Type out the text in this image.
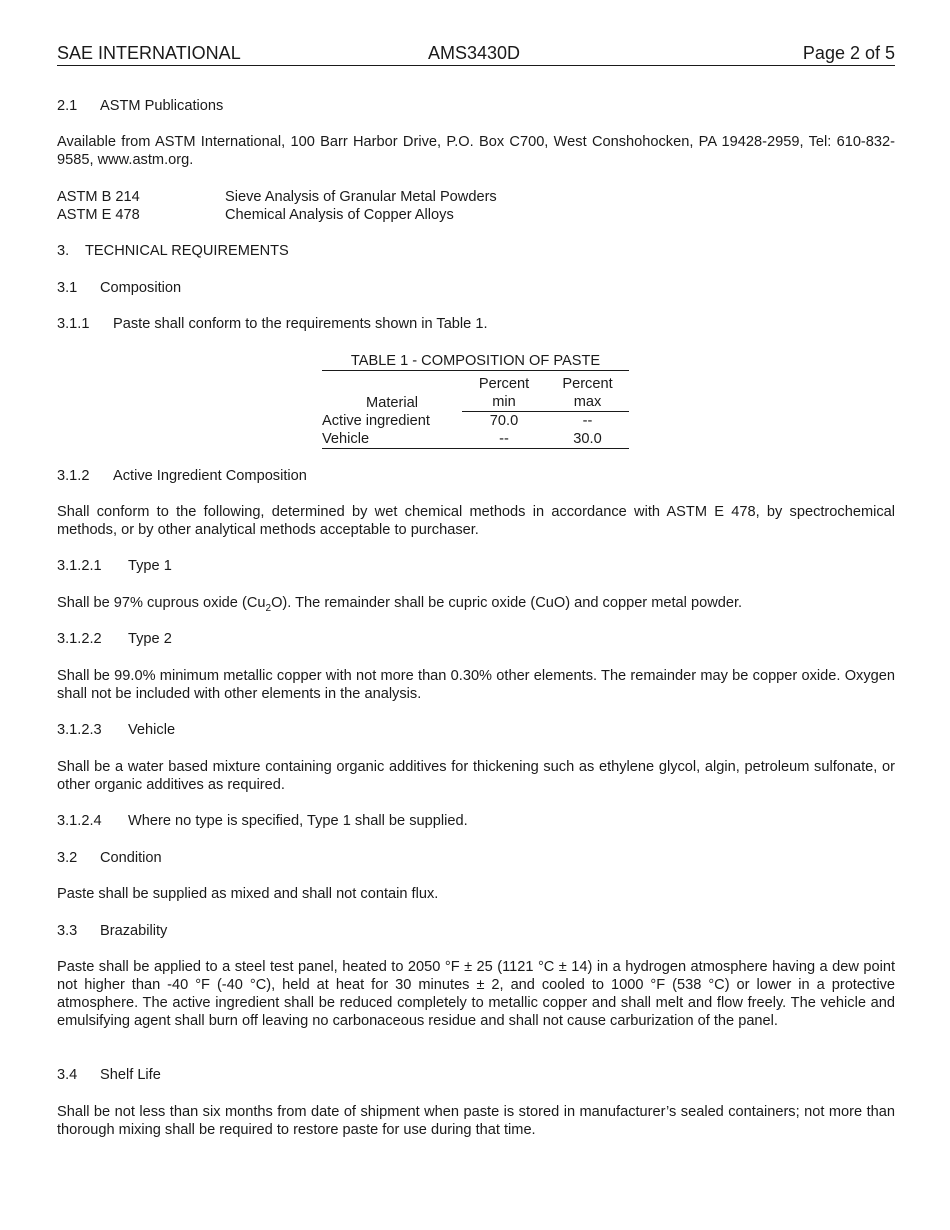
SAE INTERNATIONAL	AMS3430D	Page 2 of 5
2.1 ASTM Publications
Available from ASTM International, 100 Barr Harbor Drive, P.O. Box C700, West Conshohocken, PA 19428-2959, Tel: 610-832-9585, www.astm.org.
ASTM B 214	Sieve Analysis of Granular Metal Powders
ASTM E 478	Chemical Analysis of Copper Alloys
3. TECHNICAL REQUIREMENTS
3.1 Composition
3.1.1 Paste shall conform to the requirements shown in Table 1.
TABLE 1 - COMPOSITION OF PASTE

Material	Percent	Percent
	min	max
Active ingredient	70.0	--
Vehicle	--	30.0
3.1.2 Active Ingredient Composition
Shall conform to the following, determined by wet chemical methods in accordance with ASTM E 478, by spectrochemical methods, or by other analytical methods acceptable to purchaser.
3.1.2.1 Type 1
Shall be 97% cuprous oxide $(Cu_2O)$. The remainder shall be cupric oxide (CuO) and copper metal powder.
3.1.2.2 Type 2
Shall be 99.0% minimum metallic copper with not more than 0.30% other elements. The remainder may be copper oxide. Oxygen shall not be included with other elements in the analysis.
3.1.2.3 Vehicle
Shall be a water based mixture containing organic additives for thickening such as ethylene glycol, algin, petroleum sulfonate, or other organic additives as required.
3.1.2.4 Where no type is specified, Type 1 shall be supplied.
3.2 Condition
Paste shall be supplied as mixed and shall not contain flux.
3.3 Brazability
Paste shall be applied to a steel test panel, heated to 2050 °F ± 25 (1121 °C ± 14) in a hydrogen atmosphere having a dew point not higher than -40 °F (-40 °C), held at heat for 30 minutes ± 2, and cooled to 1000 °F (538 °C) or lower in a protective atmosphere. The active ingredient shall be reduced completely to metallic copper and shall melt and flow freely. The vehicle and emulsifying agent shall burn off leaving no carbonaceous residue and shall not cause carburization of the panel.
3.4 Shelf Life
Shall be not less than six months from date of shipment when paste is stored in manufacturer’s sealed containers; not more than thorough mixing shall be required to restore paste for use during that time.
